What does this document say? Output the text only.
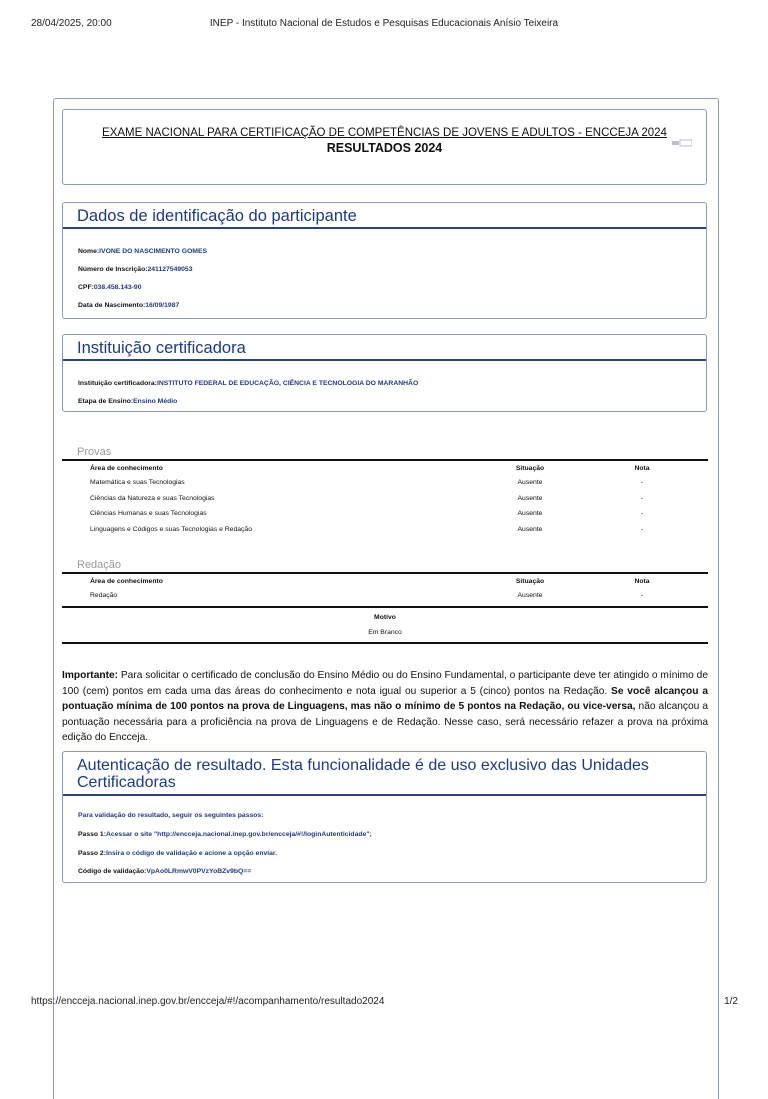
28/04/2025, 20:00	INEP - Instituto Nacional de Estudos e Pesquisas Educacionais Anísio Teixeira
EXAME NACIONAL PARA CERTIFICAÇÃO DE COMPETÊNCIAS DE JOVENS E ADULTOS - ENCCEJA 2024
RESULTADOS 2024
Dados de identificação do participante
Nome:IVONE DO NASCIMENTO GOMES
Número de Inscrição:241127549053
CPF:038.458.143-90
Data de Nascimento:16/09/1987
Instituição certificadora
Instituição certificadora:INSTITUTO FEDERAL DE EDUCAÇÃO, CIÊNCIA E TECNOLOGIA DO MARANHÃO
Etapa de Ensino:Ensino Médio
Provas
Área de conhecimento	Situação	Nota
Matemática e suas Tecnologias	Ausente	-
Ciências da Natureza e suas Tecnologias	Ausente	-
Ciências Humanas e suas Tecnologias	Ausente	-
Linguagens e Códigos e suas Tecnologias e Redação	Ausente	-
Redação
Área de conhecimento	Situação	Nota
Redação	Ausente	-
Motivo
Em Branco
Importante: Para solicitar o certificado de conclusão do Ensino Médio ou do Ensino Fundamental, o participante deve ter atingido o mínimo de 100 (cem) pontos em cada uma das áreas do conhecimento e nota igual ou superior a 5 (cinco) pontos na Redação. Se você alcançou a pontuação mínima de 100 pontos na prova de Linguagens, mas não o mínimo de 5 pontos na Redação, ou vice-versa, não alcançou a pontuação necessária para a proficiência na prova de Linguagens e de Redação. Nesse caso, será necessário refazer a prova na próxima edição do Encceja.
Autenticação de resultado. Esta funcionalidade é de uso exclusivo das Unidades Certificadoras
Para validação do resultado, seguir os seguintes passos:
Passo 1:Acessar o site "http://encceja.nacional.inep.gov.br/encceja/#!/loginAutenticidade";
Passo 2:Insira o código de validação e acione a opção enviar.
Código de validação:VpAo0LRmwV0PVzYoBZv9bQ==
https://encceja.nacional.inep.gov.br/encceja/#!/acompanhamento/resultado2024	1/2
